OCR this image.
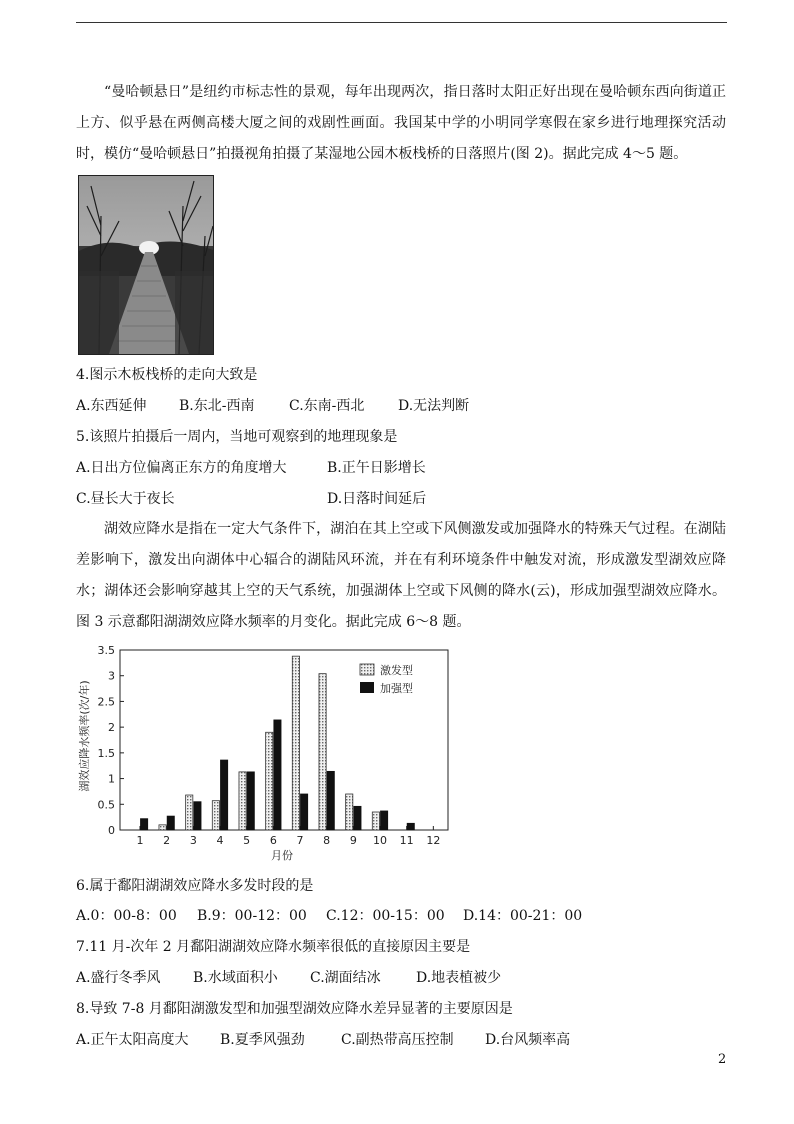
“曼哈顿悬日”是纽约市标志性的景观，每年出现两次，指日落时太阳正好出现在曼哈顿东西向街道正上方、似乎悬在两侧高楼大厦之间的戏剧性画面。我国某中学的小明同学寒假在家乡进行地理探究活动时，模仿“曼哈顿悬日”拍摄视角拍摄了某湿地公园木板栈桥的日落照片(图 2)。据此完成 4～5 题。

4.图示木板栈桥的走向大致是
A.东西延伸 B.东北-西南 C.东南-西北 D.无法判断
5.该照片拍摄后一周内，当地可观察到的地理现象是
A.日出方位偏离正东方的角度增大	B.正午日影增长
C.昼长大于夜长	D.日落时间延后

湖效应降水是指在一定大气条件下，湖泊在其上空或下风侧激发或加强降水的特殊天气过程。在湖陆差影响下，激发出向湖体中心辐合的湖陆风环流，并在有利环境条件中触发对流，形成激发型湖效应降水；湖体还会影响穿越其上空的天气系统，加强湖体上空或下风侧的降水(云)，形成加强型湖效应降水。图 3 示意鄱阳湖湖效应降水频率的月变化。据此完成 6～8 题。

湖效应降水频率(次/年)
月份
0
0.5
1
1.5
2
2.5
3
3.5
1 2 3 4 5 6 7 8 9 10 11 12
激发型
加强型
6.属于鄱阳湖湖效应降水多发时段的是
A.0：00-8：00 B.9：00-12：00 C.12：00-15：00 D.14：00-21：00
7.11 月-次年 2 月鄱阳湖湖效应降水频率很低的直接原因主要是
A.盛行冬季风 B.水域面积小 C.湖面结冰	D.地表植被少
8.导致 7-8 月鄱阳湖激发型和加强型湖效应降水差异显著的主要原因是
A.正午太阳高度大 B.夏季风强劲	C.副热带高压控制 D.台风频率高
2
